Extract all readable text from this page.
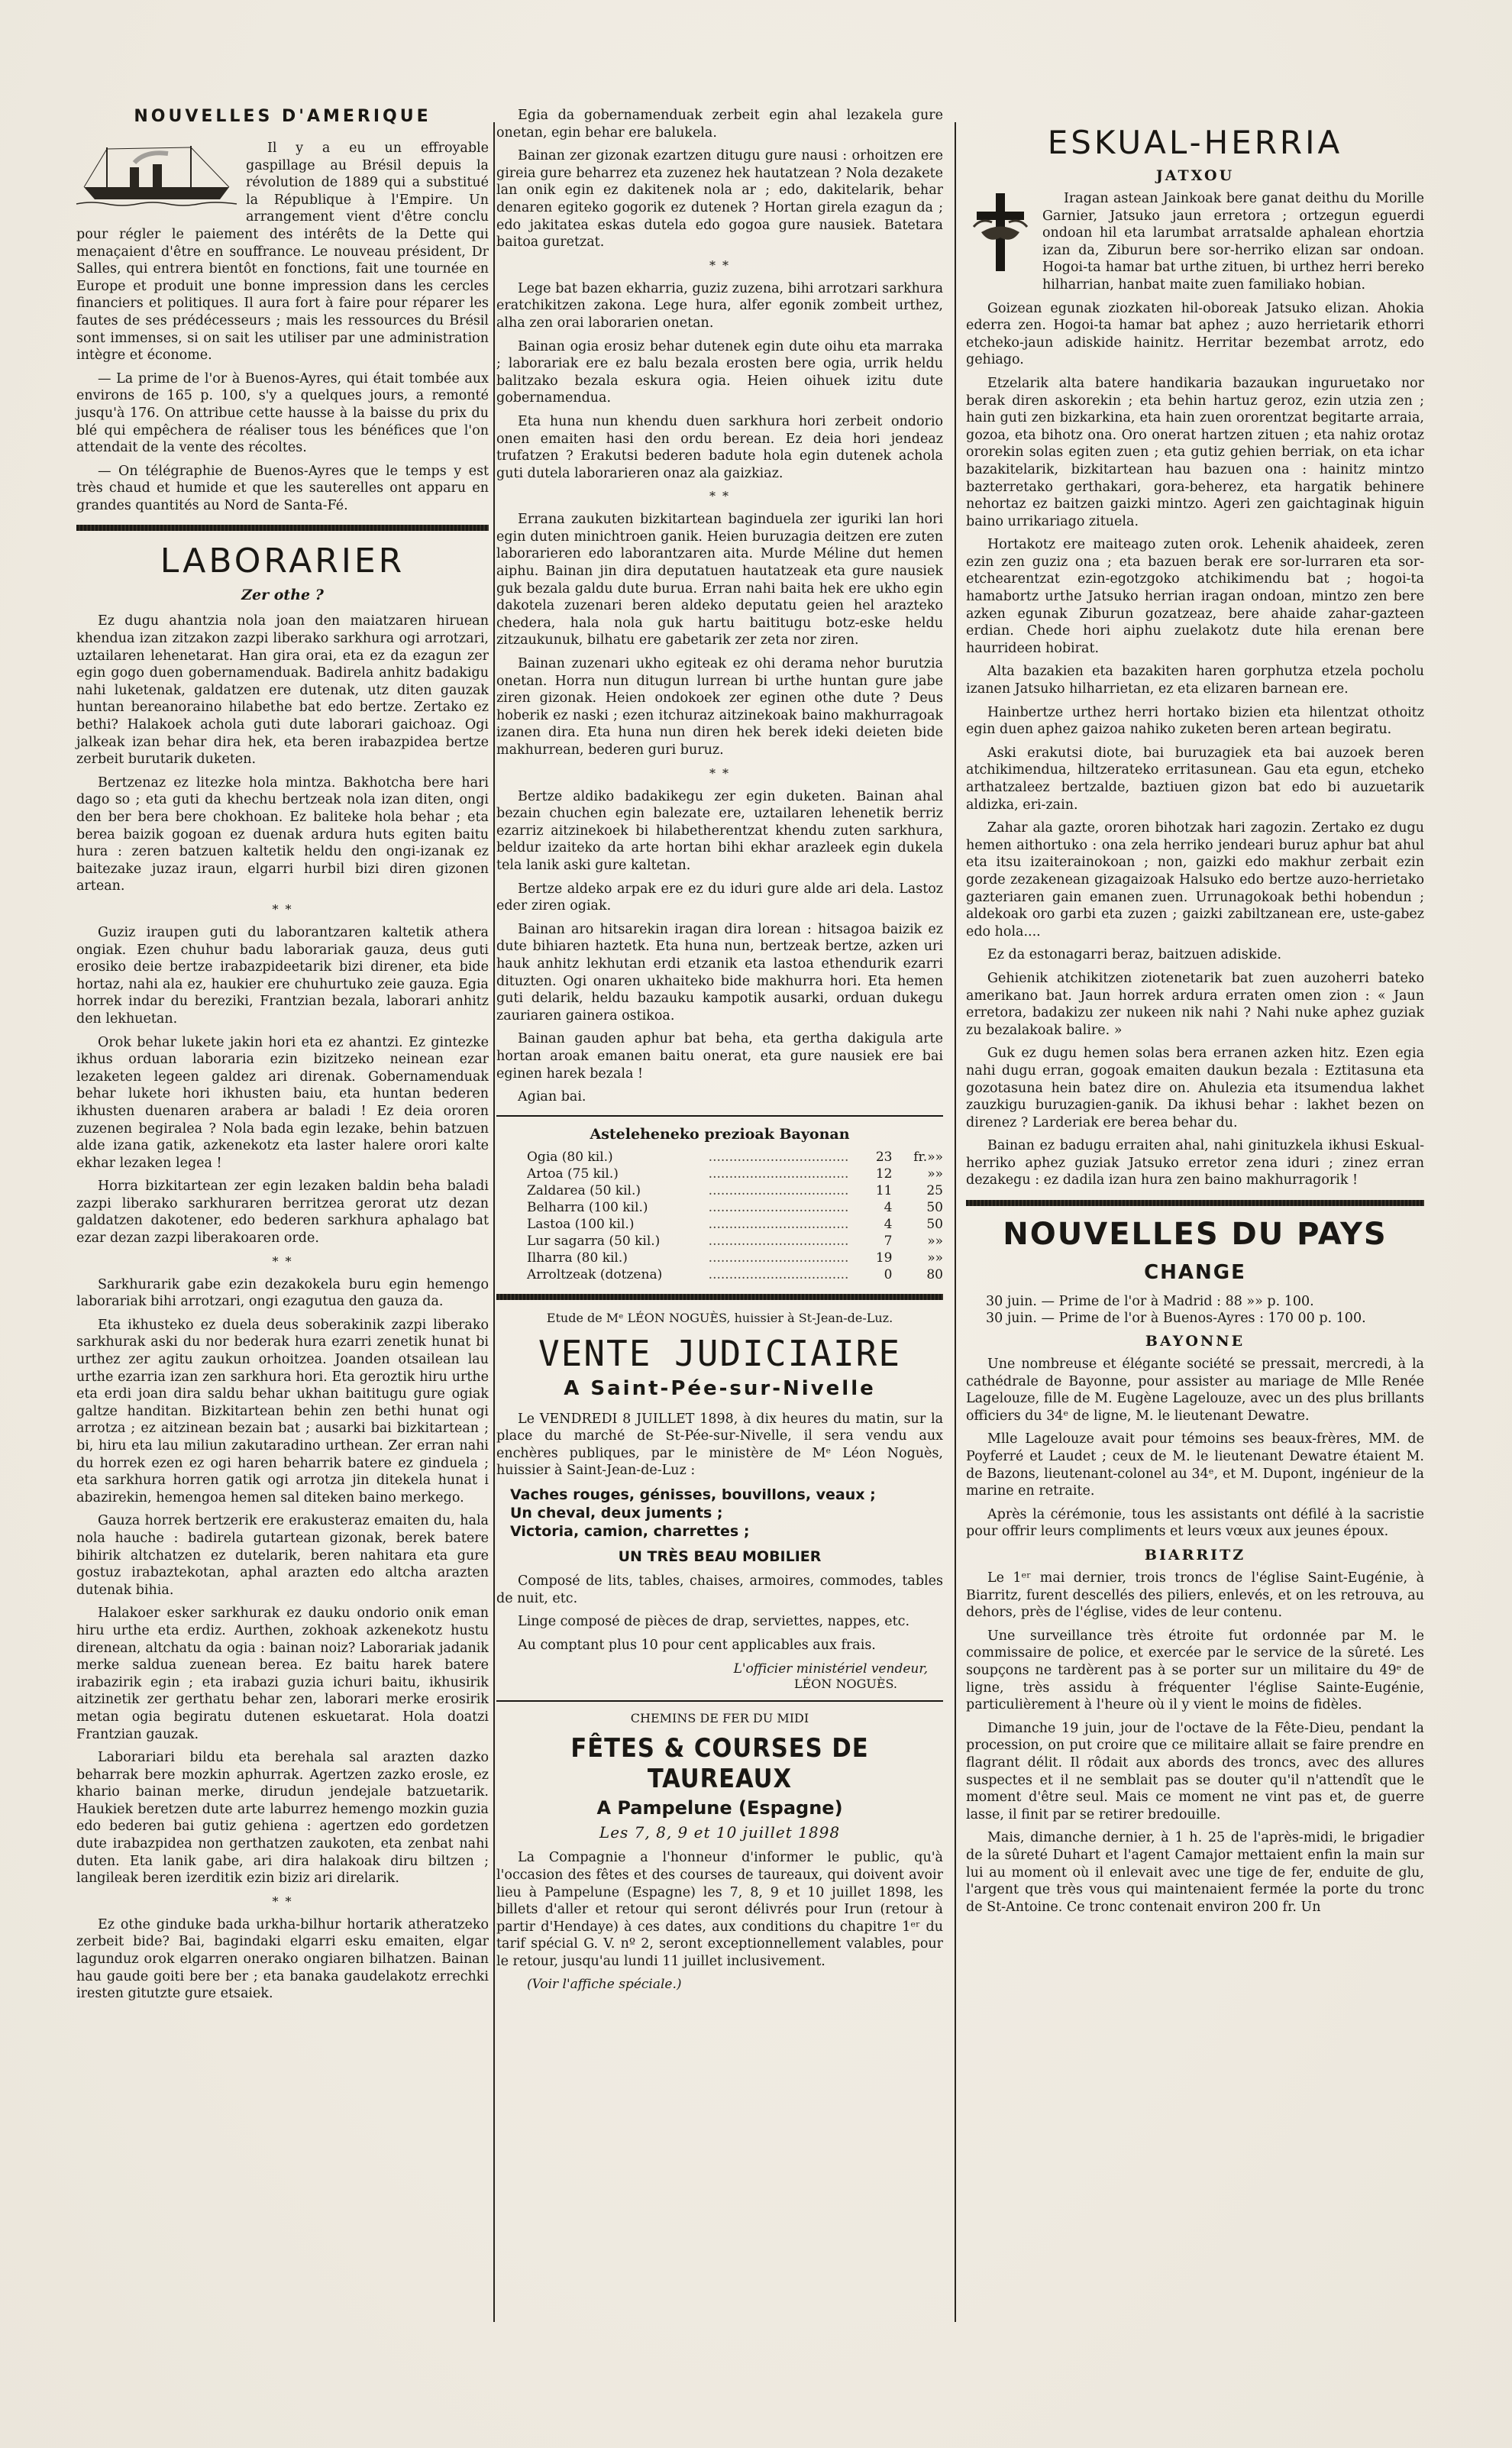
NOUVELLES D'AMERIQUE

Il y a eu un effroyable gaspillage au Brésil depuis la révolution de 1889 qui a substitué la République à l'Empire. Un arrangement vient d'être conclu pour régler le paiement des intérêts de la Dette qui menaçaient d'être en souffrance. Le nouveau président, Dr Salles, qui entrera bientôt en fonctions, fait une tournée en Europe et produit une bonne impression dans les cercles financiers et politiques. Il aura fort à faire pour réparer les fautes de ses prédécesseurs ; mais les ressources du Brésil sont immenses, si on sait les utiliser par une administration intègre et économe.

— La prime de l'or à Buenos-Ayres, qui était tombée aux environs de 165 p. 100, s'y a quelques jours, a remonté jusqu'à 176. On attribue cette hausse à la baisse du prix du blé qui empêchera de réaliser tous les bénéfices que l'on attendait de la vente des récoltes.

— On télégraphie de Buenos-Ayres que le temps y est très chaud et humide et que les sauterelles ont apparu en grandes quantités au Nord de Santa-Fé.

LABORARIER
Zer othe ?

Ez dugu ahantzia nola joan den maiatzaren hiruean khendua izan zitzakon zazpi liberako sarkhura ogi arrotzari, uztailaren lehenetarat. Han gira orai, eta ez da ezagun zer egin gogo duen gobernamenduak. Badirela anhitz badakigu nahi luketenak, galdatzen ere dutenak, utz diten gauzak huntan bereanoraino hilabethe bat edo bertze. Zertako ez bethi? Halakoek achola guti dute laborari gaichoaz. Ogi jalkeak izan behar dira hek, eta beren irabazpidea bertze zerbeit burutarik duketen.

Bertzenaz ez litezke hola mintza. Bakhotcha bere hari dago so ; eta guti da khechu bertzeak nola izan diten, ongi den ber bera bere chokhoan. Ez baliteke hola behar ; eta berea baizik gogoan ez duenak ardura huts egiten baitu hura : zeren batzuen kaltetik heldu den ongi-izanak ez baitezake juzaz iraun, elgarri hurbil bizi diren gizonen artean.

* *

Guziz iraupen guti du laborantzaren kaltetik athera ongiak. Ezen chuhur badu laborariak gauza, deus guti erosiko deie bertze irabazpideetarik bizi direner, eta bide hortaz, nahi ala ez, haukier ere chuhurtuko zeie gauza. Egia horrek indar du bereziki, Frantzian bezala, laborari anhitz den lekhuetan.

Orok behar lukete jakin hori eta ez ahantzi. Ez gintezke ikhus orduan laboraria ezin bizitzeko neinean ezar lezaketen legeen galdez ari direnak. Gobernamenduak behar lukete hori ikhusten baiu, eta huntan bederen ikhusten duenaren arabera ar baladi ! Ez deia ororen zuzenen begiralea ? Nola bada egin lezake, behin batzuen alde izana gatik, azkenekotz eta laster halere orori kalte ekhar lezaken legea !

Horra bizkitartean zer egin lezaken baldin beha baladi zazpi liberako sarkhuraren berritzea gerorat utz dezan galdatzen dakotener, edo bederen sarkhura aphalago bat ezar dezan zazpi liberakoaren orde.

* *

Sarkhurarik gabe ezin dezakokela buru egin hemengo laborariak bihi arrotzari, ongi ezagutua den gauza da.

Eta ikhusteko ez duela deus soberakinik zazpi liberako sarkhurak aski du nor bederak hura ezarri zenetik hunat bi urthez zer agitu zaukun orhoitzea. Joanden otsailean lau urthe ezarria izan zen sarkhura hori. Eta geroztik hiru urthe eta erdi joan dira saldu behar ukhan baititugu gure ogiak galtze handitan. Bizkitartean behin zen bethi hunat ogi arrotza ; ez aitzinean bezain bat ; ausarki bai bizkitartean ; bi, hiru eta lau miliun zakutaradino urthean. Zer erran nahi du horrek ezen ez ogi haren beharrik batere ez ginduela ; eta sarkhura horren gatik ogi arrotza jin ditekela hunat i abazirekin, hemengoa hemen sal diteken baino merkego.

Gauza horrek bertzerik ere erakusteraz emaiten du, hala nola hauche : badirela gutartean gizonak, berek batere bihirik altchatzen ez dutelarik, beren nahitara eta gure gostuz irabaztekotan, aphal arazten edo altcha arazten dutenak bihia.

Halakoer esker sarkhurak ez dauku ondorio onik eman hiru urthe eta erdiz. Aurthen, zokhoak azkenekotz hustu direnean, altchatu da ogia : bainan noiz? Laborariak jadanik merke saldua zuenean berea. Ez baitu harek batere irabazirik egin ; eta irabazi guzia ichuri baitu, ikhusirik aitzinetik zer gerthatu behar zen, laborari merke erosirik metan ogia begiratu dutenen eskuetarat. Hola doatzi Frantzian gauzak.

Laborariari bildu eta berehala sal arazten dazko beharrak bere mozkin aphurrak. Agertzen zazko erosle, ez khario bainan merke, dirudun jendejale batzuetarik. Haukiek beretzen dute arte laburrez hemengo mozkin guzia edo bederen bai gutiz gehiena : agertzen edo gordetzen dute irabazpidea non gerthatzen zaukoten, eta zenbat nahi duten. Eta lanik gabe, ari dira halakoak diru biltzen ; langileak beren izerditik ezin biziz ari direlarik.

* *

Ez othe ginduke bada urkha-bilhur hortarik atheratzeko zerbeit bide? Bai, bagindaki elgarri esku emaiten, elgar lagunduz orok elgarren onerako ongiaren bilhatzen. Bainan hau gaude goiti bere ber ; eta banaka gaudelakotz errechki iresten gitutzte gure etsaiek.

Egia da gobernamenduak zerbeit egin ahal lezakela gure onetan, egin behar ere balukela.

Bainan zer gizonak ezartzen ditugu gure nausi : orhoitzen ere gireia gure beharrez eta zuzenez hek hautatzean ? Nola dezakete lan onik egin ez dakitenek nola ar ; edo, dakitelarik, behar denaren egiteko gogorik ez dutenek ? Hortan girela ezagun da ; edo jakitatea eskas dutela edo gogoa gure nausiek. Batetara baitoa guretzat.

* *

Lege bat bazen ekharria, guziz zuzena, bihi arrotzari sarkhura eratchikitzen zakona. Lege hura, alfer egonik zombeit urthez, alha zen orai laborarien onetan.

Bainan ogia erosiz behar dutenek egin dute oihu eta marraka ; laborariak ere ez balu bezala erosten bere ogia, urrik heldu balitzako bezala eskura ogia. Heien oihuek izitu dute gobernamendua.

Eta huna nun khendu duen sarkhura hori zerbeit ondorio onen emaiten hasi den ordu berean. Ez deia hori jendeaz trufatzen ? Erakutsi bederen badute hola egin dutenek achola guti dutela laborarieren onaz ala gaizkiaz.

* *

Errana zaukuten bizkitartean baginduela zer iguriki lan hori egin duten minichtroen ganik. Heien buruzagia deitzen ere zuten laborarieren edo laborantzaren aita. Murde Méline dut hemen aiphu. Bainan jin dira deputatuen hautatzeak eta gure nausiek guk bezala galdu dute burua. Erran nahi baita hek ere ukho egin dakotela zuzenari beren aldeko deputatu geien hel arazteko chedera, hala nola guk hartu baititugu botz-eske heldu zitzaukunuk, bilhatu ere gabetarik zer zeta nor ziren.

Bainan zuzenari ukho egiteak ez ohi derama nehor burutzia onetan. Horra nun ditugun lurrean bi urthe huntan gure jabe ziren gizonak. Heien ondokoek zer eginen othe dute ? Deus hoberik ez naski ; ezen itchuraz aitzinekoak baino makhurragoak izanen dira. Eta huna nun diren hek berek ideki deieten bide makhurrean, bederen guri buruz.

* *

Bertze aldiko badakikegu zer egin duketen. Bainan ahal bezain chuchen egin balezate ere, uztailaren lehenetik berriz ezarriz aitzinekoek bi hilabetherentzat khendu zuten sarkhura, beldur izaiteko da arte hortan bihi ekhar arazleek egin dukela tela lanik aski gure kaltetan.

Bertze aldeko arpak ere ez du iduri gure alde ari dela. Lastoz eder ziren ogiak.

Bainan aro hitsarekin iragan dira lorean : hitsagoa baizik ez dute bihiaren haztetk. Eta huna nun, bertzeak bertze, azken uri hauk anhitz lekhutan erdi etzanik eta lastoa ethendurik ezarri dituzten. Ogi onaren ukhaiteko bide makhurra hori. Eta hemen guti delarik, heldu bazauku kampotik ausarki, orduan dukegu zauriaren gainera ostikoa.

Bainan gauden aphur bat beha, eta gertha dakigula arte hortan aroak emanen baitu onerat, eta gure nausiek ere bai eginen harek bezala !

Agian bai.

Asteleheneko prezioak Bayonan
Ogia (80 kil.)	..................................	23	fr.»»
Artoa (75 kil.)	..................................	12	»»
Zaldarea (50 kil.)	..................................	11	25
Belharra (100 kil.)	..................................	4	50
Lastoa (100 kil.)	..................................	4	50
Lur sagarra (50 kil.)	..................................	7	»»
Ilharra (80 kil.)	..................................	19	»»
Arroltzeak (dotzena)	..................................	0	80
Etude de Mᵉ LÉON NOGUÈS, huissier à St-Jean-de-Luz.
VENTE JUDICIAIRE
A Saint-Pée-sur-Nivelle

Le VENDREDI 8 JUILLET 1898, à dix heures du matin, sur la place du marché de St-Pée-sur-Nivelle, il sera vendu aux enchères publiques, par le ministère de Mᵉ Léon Noguès, huissier à Saint-Jean-de-Luz :

Vaches rouges, génisses, bouvillons, veaux ;
Un cheval, deux juments ;
Victoria, camion, charrettes ;
UN TRÈS BEAU MOBILIER

Composé de lits, tables, chaises, armoires, commodes, tables de nuit, etc.

Linge composé de pièces de drap, serviettes, nappes, etc.

Au comptant plus 10 pour cent applicables aux frais.

L'officier ministériel vendeur,
LÉON NOGUÈS.
CHEMINS DE FER DU MIDI
FÊTES & COURSES DE TAUREAUX
A Pampelune (Espagne)
Les 7, 8, 9 et 10 juillet 1898

La Compagnie a l'honneur d'informer le public, qu'à l'occasion des fêtes et des courses de taureaux, qui doivent avoir lieu à Pampelune (Espagne) les 7, 8, 9 et 10 juillet 1898, les billets d'aller et retour qui seront délivrés pour Irun (retour à partir d'Hendaye) à ces dates, aux conditions du chapitre 1ᵉʳ du tarif spécial G. V. nº 2, seront exceptionnellement valables, pour le retour, jusqu'au lundi 11 juillet inclusivement.

(Voir l'affiche spéciale.)
ESKUAL-HERRIA
JATXOU

Iragan astean Jainkoak bere ganat deithu du Morille Garnier, Jatsuko jaun erretora ; ortzegun eguerdi ondoan hil eta larumbat arratsalde aphalean ehortzia izan da, Ziburun bere sor-herriko elizan sar ondoan. Hogoi-ta hamar bat urthe zituen, bi urthez herri bereko hilharrian, hanbat maite zuen familiako hobian.

Goizean egunak ziozkaten hil-oboreak Jatsuko elizan. Ahokia ederra zen. Hogoi-ta hamar bat aphez ; auzo herrietarik ethorri etcheko-jaun adiskide hainitz. Herritar bezembat arrotz, edo gehiago.

Etzelarik alta batere handikaria bazaukan inguruetako nor berak diren askorekin ; eta behin hartuz geroz, ezin utzia zen ; hain guti zen bizkarkina, eta hain zuen ororentzat begitarte arraia, gozoa, eta bihotz ona. Oro onerat hartzen zituen ; eta nahiz orotaz ororekin solas egiten zuen ; eta gutiz gehien berriak, on eta ichar bazakitelarik, bizkitartean hau bazuen ona : hainitz mintzo bazterretako gerthakari, gora-beherez, eta hargatik behinere nehortaz ez baitzen gaizki mintzo. Ageri zen gaichtaginak higuin baino urrikariago zituela.

Hortakotz ere maiteago zuten orok. Lehenik ahaideek, zeren ezin zen guziz ona ; eta bazuen berak ere sor-lurraren eta sor-etchearentzat ezin-egotzgoko atchikimendu bat ; hogoi-ta hamabortz urthe Jatsuko herrian iragan ondoan, mintzo zen bere azken egunak Ziburun gozatzeaz, bere ahaide zahar-gazteen erdian. Chede hori aiphu zuelakotz dute hila erenan bere haurrideen hobirat.

Alta bazakien eta bazakiten haren gorphutza etzela pocholu izanen Jatsuko hilharrietan, ez eta elizaren barnean ere.

Hainbertze urthez herri hortako bizien eta hilentzat othoitz egin duen aphez gaizoa nahiko zuketen beren artean begiratu.

Aski erakutsi diote, bai buruzagiek eta bai auzoek beren atchikimendua, hiltzerateko erritasunean. Gau eta egun, etcheko arthatzaleez bertzalde, baztiuen gizon bat edo bi auzuetarik aldizka, eri-zain.

Zahar ala gazte, ororen bihotzak hari zagozin. Zertako ez dugu hemen aithortuko : ona zela herriko jendeari buruz aphur bat ahul eta itsu izaiterainokoan ; non, gaizki edo makhur zerbait ezin gorde zezakenean gizagaizoak Halsuko edo bertze auzo-herrietako gazteriaren gain emanen zuen. Urrunagokoak bethi hobendun ; aldekoak oro garbi eta zuzen ; gaizki zabiltzanean ere, uste-gabez edo hola....

Ez da estonagarri beraz, baitzuen adiskide.

Gehienik atchikitzen ziotenetarik bat zuen auzoherri bateko amerikano bat. Jaun horrek ardura erraten omen zion : « Jaun erretora, badakizu zer nukeen nik nahi ? Nahi nuke aphez guziak zu bezalakoak balire. »

Guk ez dugu hemen solas bera erranen azken hitz. Ezen egia nahi dugu erran, gogoak emaiten daukun bezala : Eztitasuna eta gozotasuna hein batez dire on. Ahulezia eta itsumendua lakhet zauzkigu buruzagien-ganik. Da ikhusi behar : lakhet bezen on direnez ? Larderiak ere berea behar du.

Bainan ez badugu erraiten ahal, nahi ginituzkela ikhusi Eskual-herriko aphez guziak Jatsuko erretor zena iduri ; zinez erran dezakegu : ez dadila izan hura zen baino makhurragorik !

NOUVELLES DU PAYS
CHANGE
30 juin. — Prime de l'or à Madrid : 88 »» p. 100.
30 juin. — Prime de l'or à Buenos-Ayres : 170 00 p. 100.
BAYONNE

Une nombreuse et élégante société se pressait, mercredi, à la cathédrale de Bayonne, pour assister au mariage de Mlle Renée Lagelouze, fille de M. Eugène Lagelouze, avec un des plus brillants officiers du 34ᵉ de ligne, M. le lieutenant Dewatre.

Mlle Lagelouze avait pour témoins ses beaux-frères, MM. de Poyferré et Laudet ; ceux de M. le lieutenant Dewatre étaient M. de Bazons, lieutenant-colonel au 34ᵉ, et M. Dupont, ingénieur de la marine en retraite.

Après la cérémonie, tous les assistants ont défilé à la sacristie pour offrir leurs compliments et leurs vœux aux jeunes époux.

BIARRITZ

Le 1ᵉʳ mai dernier, trois troncs de l'église Saint-Eugénie, à Biarritz, furent descellés des piliers, enlevés, et on les retrouva, au dehors, près de l'église, vides de leur contenu.

Une surveillance très étroite fut ordonnée par M. le commissaire de police, et exercée par le service de la sûreté. Les soupçons ne tardèrent pas à se porter sur un militaire du 49ᵉ de ligne, très assidu à fréquenter l'église Sainte-Eugénie, particulièrement à l'heure où il y vient le moins de fidèles.

Dimanche 19 juin, jour de l'octave de la Fête-Dieu, pendant la procession, on put croire que ce militaire allait se faire prendre en flagrant délit. Il rôdait aux abords des troncs, avec des allures suspectes et il ne semblait pas se douter qu'il n'attendît que le moment d'être seul. Mais ce moment ne vint pas et, de guerre lasse, il finit par se retirer bredouille.

Mais, dimanche dernier, à 1 h. 25 de l'après-midi, le brigadier de la sûreté Duhart et l'agent Camajor mettaient enfin la main sur lui au moment où il enlevait avec une tige de fer, enduite de glu, l'argent que très vous qui maintenaient fermée la porte du tronc de St-Antoine. Ce tronc contenait environ 200 fr. Un
